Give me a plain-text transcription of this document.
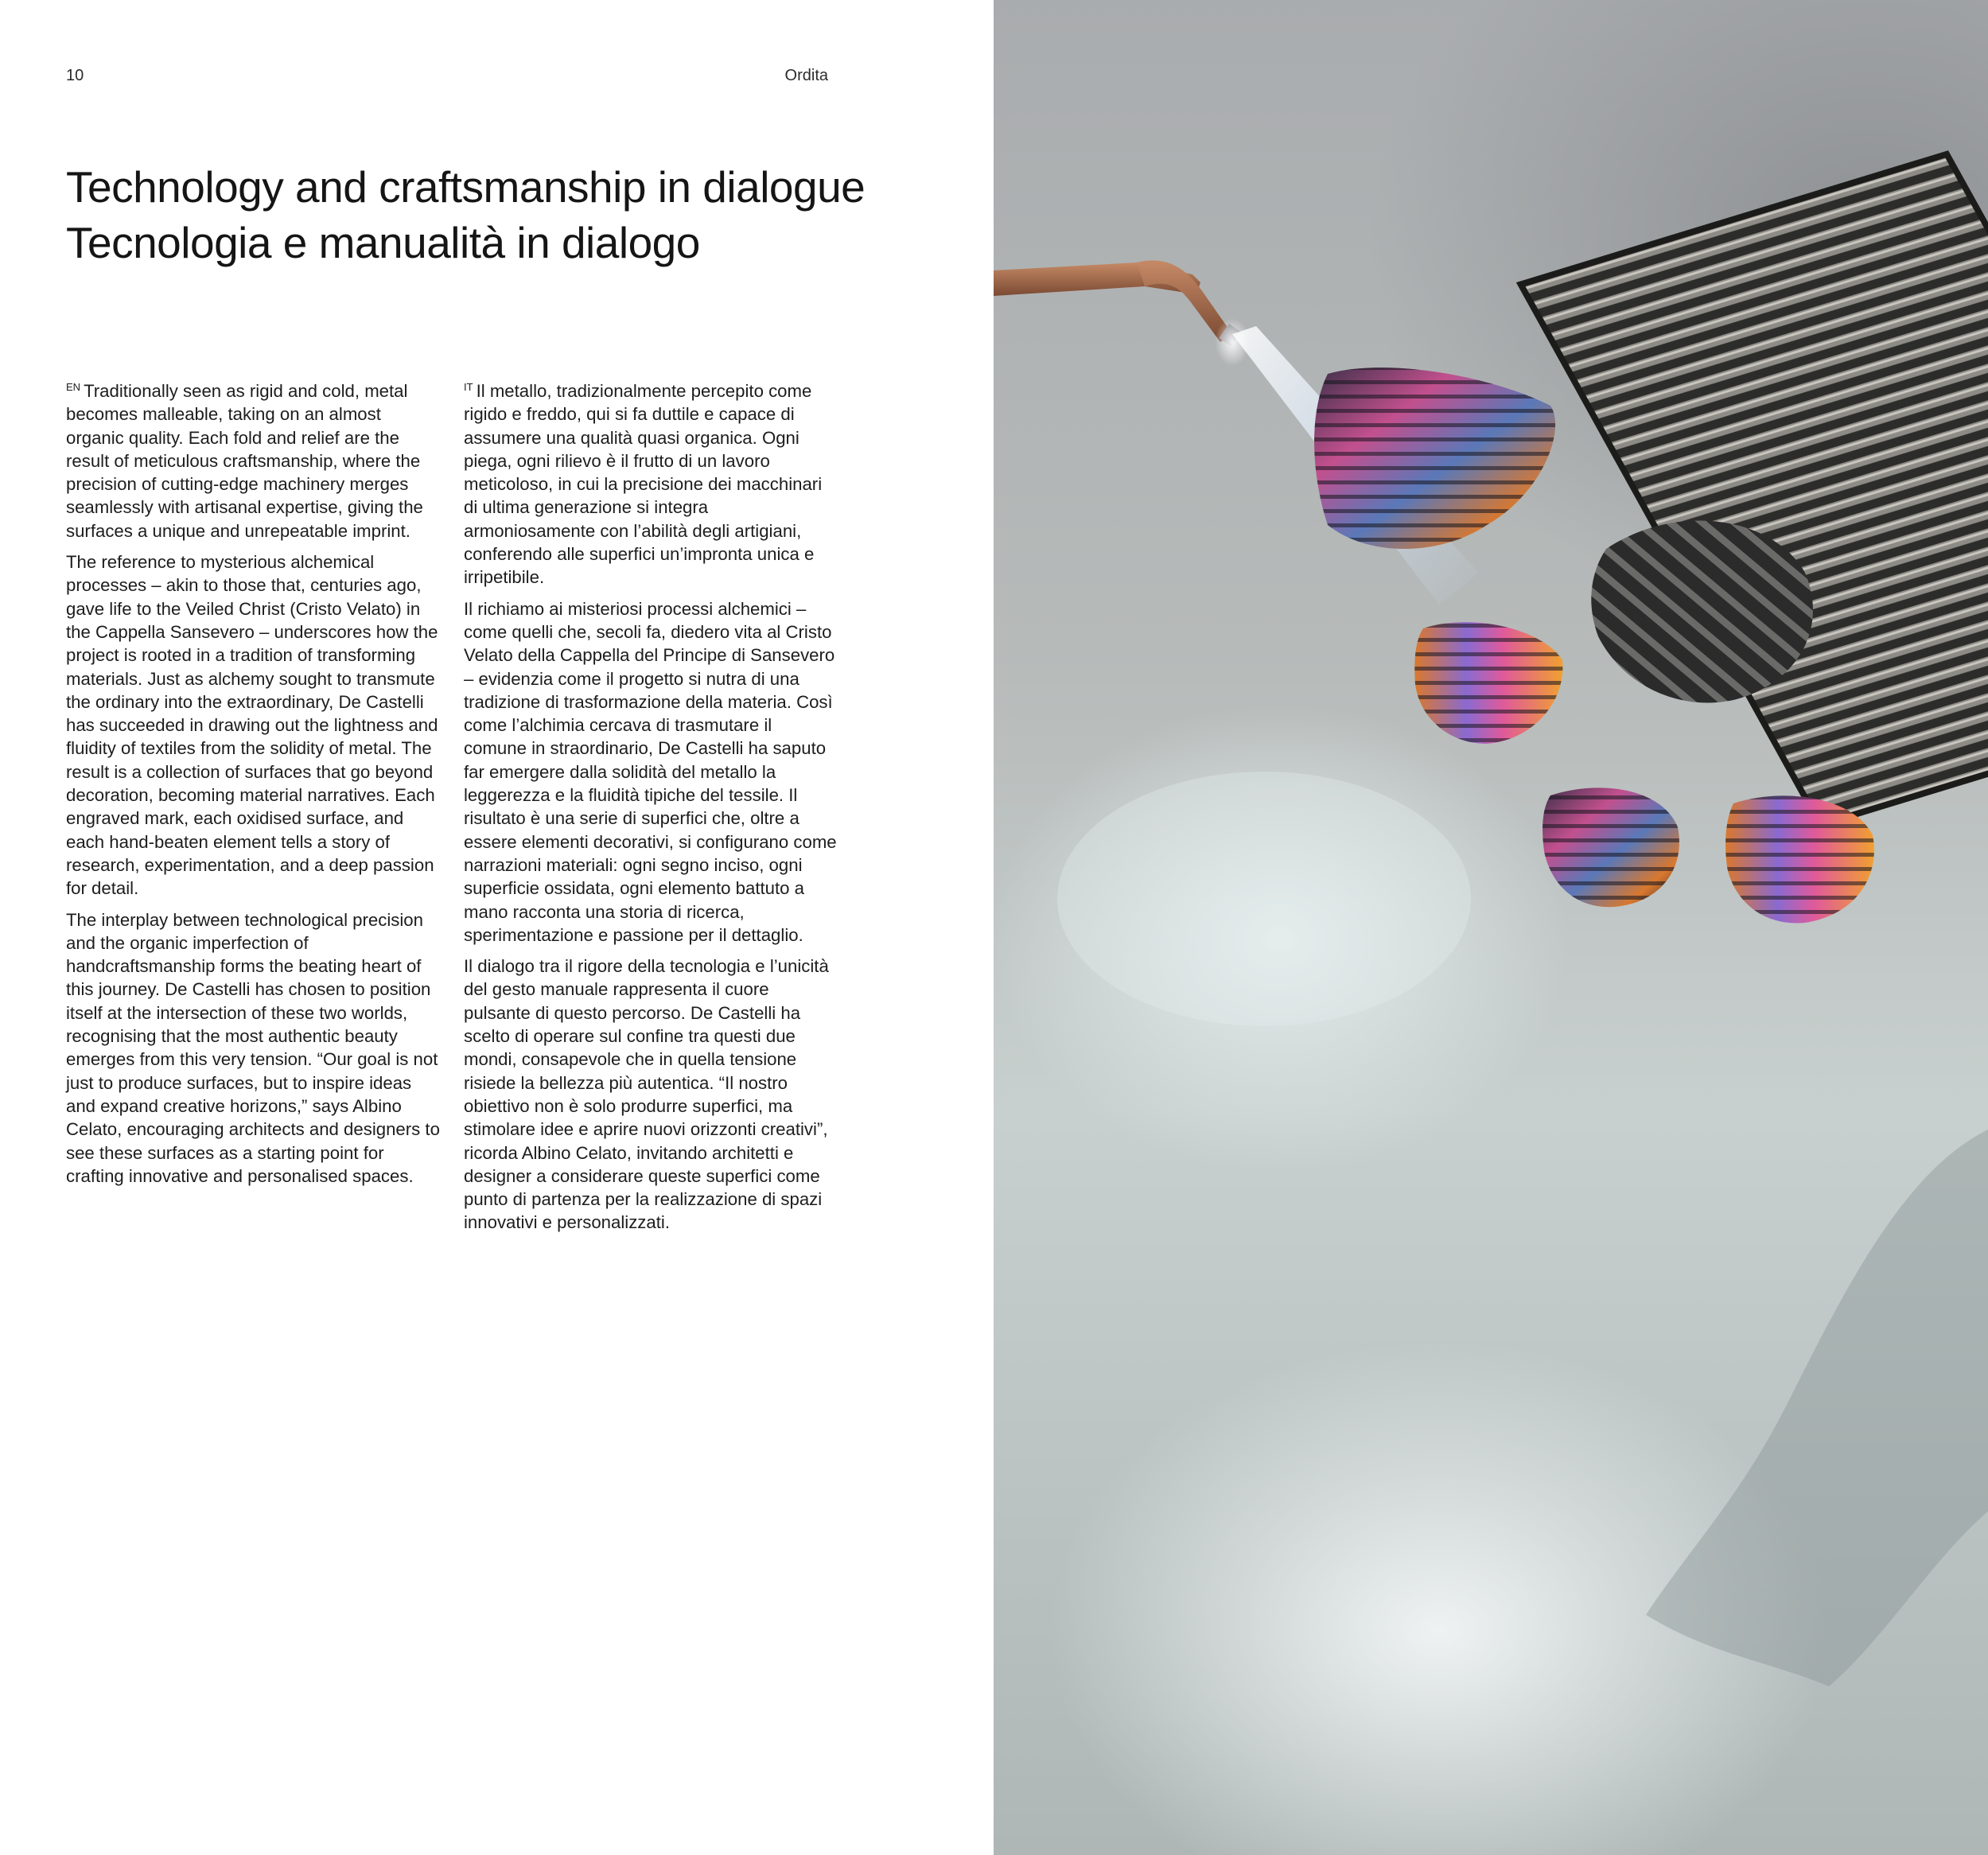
10	Ordita
Technology and craftsmanship in dialogue
Tecnologia e manualità in dialogo

$^{EN}$ Traditionally seen as rigid and cold, metal becomes malleable, taking on an almost organic quality. Each fold and relief are the result of meticulous craftsmanship, where the precision of cutting-edge machinery merges seamlessly with artisanal expertise, giving the surfaces a unique and unrepeatable imprint.

The reference to mysterious alchemical processes – akin to those that, centuries ago, gave life to the Veiled Christ (Cristo Velato) in the Cappella Sansevero – underscores how the project is rooted in a tradition of transforming materials. Just as alchemy sought to transmute the ordinary into the extraordinary, De Castelli has succeeded in drawing out the lightness and fluidity of textiles from the solidity of metal. The result is a collection of surfaces that go beyond decoration, becoming material narratives. Each engraved mark, each oxidised surface, and each hand-beaten element tells a story of research, experimentation, and a deep passion for detail.

The interplay between technological precision and the organic imperfection of handcraftsmanship forms the beating heart of this journey. De Castelli has chosen to position itself at the intersection of these two worlds, recognising that the most authentic beauty emerges from this very tension. “Our goal is not just to produce surfaces, but to inspire ideas and expand creative horizons,” says Albino Celato, encouraging architects and designers to see these surfaces as a starting point for crafting innovative and personalised spaces.

$^{IT}$ Il metallo, tradizionalmente percepito come rigido e freddo, qui si fa duttile e capace di assumere una qualità quasi organica. Ogni piega, ogni rilievo è il frutto di un lavoro meticoloso, in cui la precisione dei macchinari di ultima generazione si integra armoniosamente con l’abilità degli artigiani, conferendo alle superfici un’impronta unica e irripetibile.

Il richiamo ai misteriosi processi alchemici – come quelli che, secoli fa, diedero vita al Cristo Velato della Cappella del Principe di Sansevero – evidenzia come il progetto si nutra di una tradizione di trasformazione della materia. Così come l’alchimia cercava di trasmutare il comune in straordinario, De Castelli ha saputo far emergere dalla solidità del metallo la leggerezza e la fluidità tipiche del tessile. Il risultato è una serie di superfici che, oltre a essere elementi decorativi, si configurano come narrazioni materiali: ogni segno inciso, ogni superficie ossidata, ogni elemento battuto a mano racconta una storia di ricerca, sperimentazione e passione per il dettaglio.

Il dialogo tra il rigore della tecnologia e l’unicità del gesto manuale rappresenta il cuore pulsante di questo percorso. De Castelli ha scelto di operare sul confine tra questi due mondi, consapevole che in quella tensione risiede la bellezza più autentica. “Il nostro obiettivo non è solo produrre superfici, ma stimolare idee e aprire nuovi orizzonti creativi”, ricorda Albino Celato, invitando architetti e designer a considerare queste superfici come punto di partenza per la realizzazione di spazi innovativi e personalizzati.
